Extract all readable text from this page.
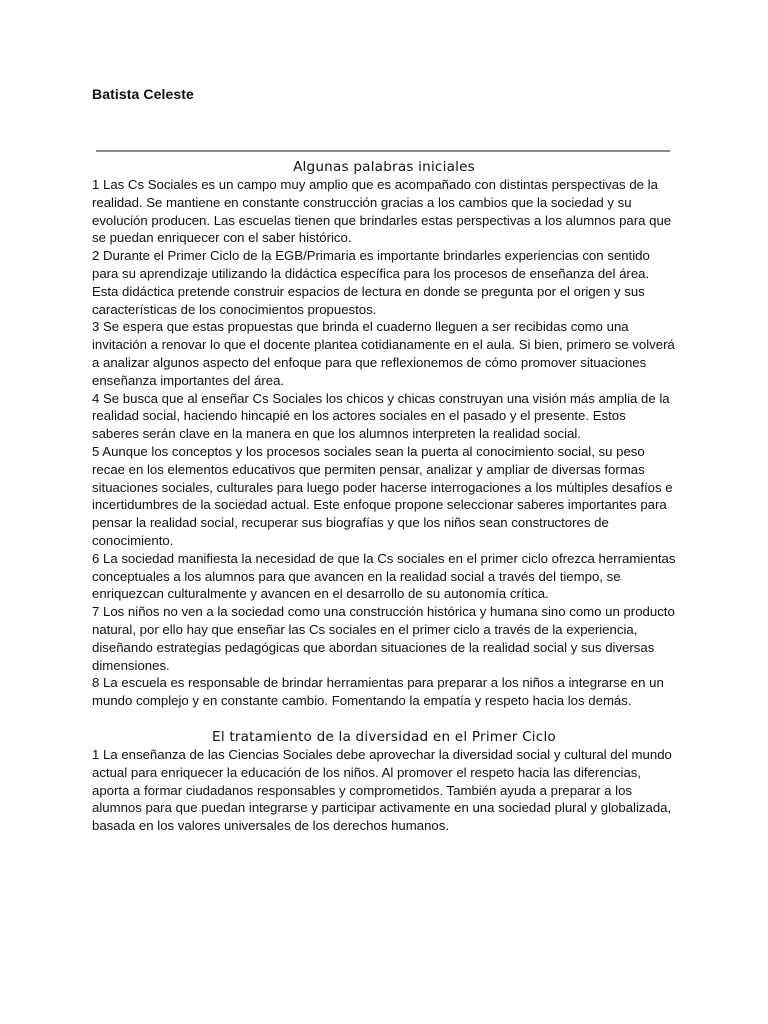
Batista Celeste
Algunas palabras iniciales

1 Las Cs Sociales es un campo muy amplio que es acompañado con distintas perspectivas de la realidad. Se mantiene en constante construcción gracias a los cambios que la sociedad y su evolución producen. Las escuelas tienen que brindarles estas perspectivas a los alumnos para que se puedan enriquecer con el saber histórico.

2 Durante el Primer Ciclo de la EGB/Primaria es importante brindarles experiencias con sentido para su aprendizaje utilizando la didáctica específica para los procesos de enseñanza del área. Esta didáctica pretende construir espacios de lectura en donde se pregunta por el origen y sus características de los conocimientos propuestos.

3 Se espera que estas propuestas que brinda el cuaderno lleguen a ser recibidas como una invitación a renovar lo que el docente plantea cotidianamente en el aula. Si bien, primero se volverá a analizar algunos aspecto del enfoque para que reflexionemos de cómo promover situaciones enseñanza importantes del área.

4 Se busca que al enseñar Cs Sociales los chicos y chicas construyan una visión más amplia de la realidad social, haciendo hincapié en los actores sociales en el pasado y el presente. Estos saberes serán clave en la manera en que los alumnos interpreten la realidad social.

5 Aunque los conceptos y los procesos sociales sean la puerta al conocimiento social, su peso recae en los elementos educativos que permiten pensar, analizar y ampliar de diversas formas situaciones sociales, culturales para luego poder hacerse interrogaciones a los múltiples desafíos e incertidumbres de la sociedad actual. Este enfoque propone seleccionar saberes importantes para pensar la realidad social, recuperar sus biografías y que los niños sean constructores de conocimiento.

6 La sociedad manifiesta la necesidad de que la Cs sociales en el primer ciclo ofrezca herramientas conceptuales a los alumnos para que avancen en la realidad social a través del tiempo, se enriquezcan culturalmente y avancen en el desarrollo de su autonomía crítica.

7 Los niños no ven a la sociedad como una construcción histórica y humana sino como un producto natural, por ello hay que enseñar las Cs sociales en el primer ciclo a través de la experiencia, diseñando estrategias pedagógicas que abordan situaciones de la realidad social y sus diversas dimensiones.

8 La escuela es responsable de brindar herramientas para preparar a los niños a integrarse en un mundo complejo y en constante cambio. Fomentando la empatía y respeto hacia los demás.

El tratamiento de la diversidad en el Primer Ciclo

1 La enseñanza de las Ciencias Sociales debe aprovechar la diversidad social y cultural del mundo actual para enriquecer la educación de los niños. Al promover el respeto hacia las diferencias, aporta a formar ciudadanos responsables y comprometidos. También ayuda a preparar a los alumnos para que puedan integrarse y participar activamente en una sociedad plural y globalizada, basada en los valores universales de los derechos humanos.
